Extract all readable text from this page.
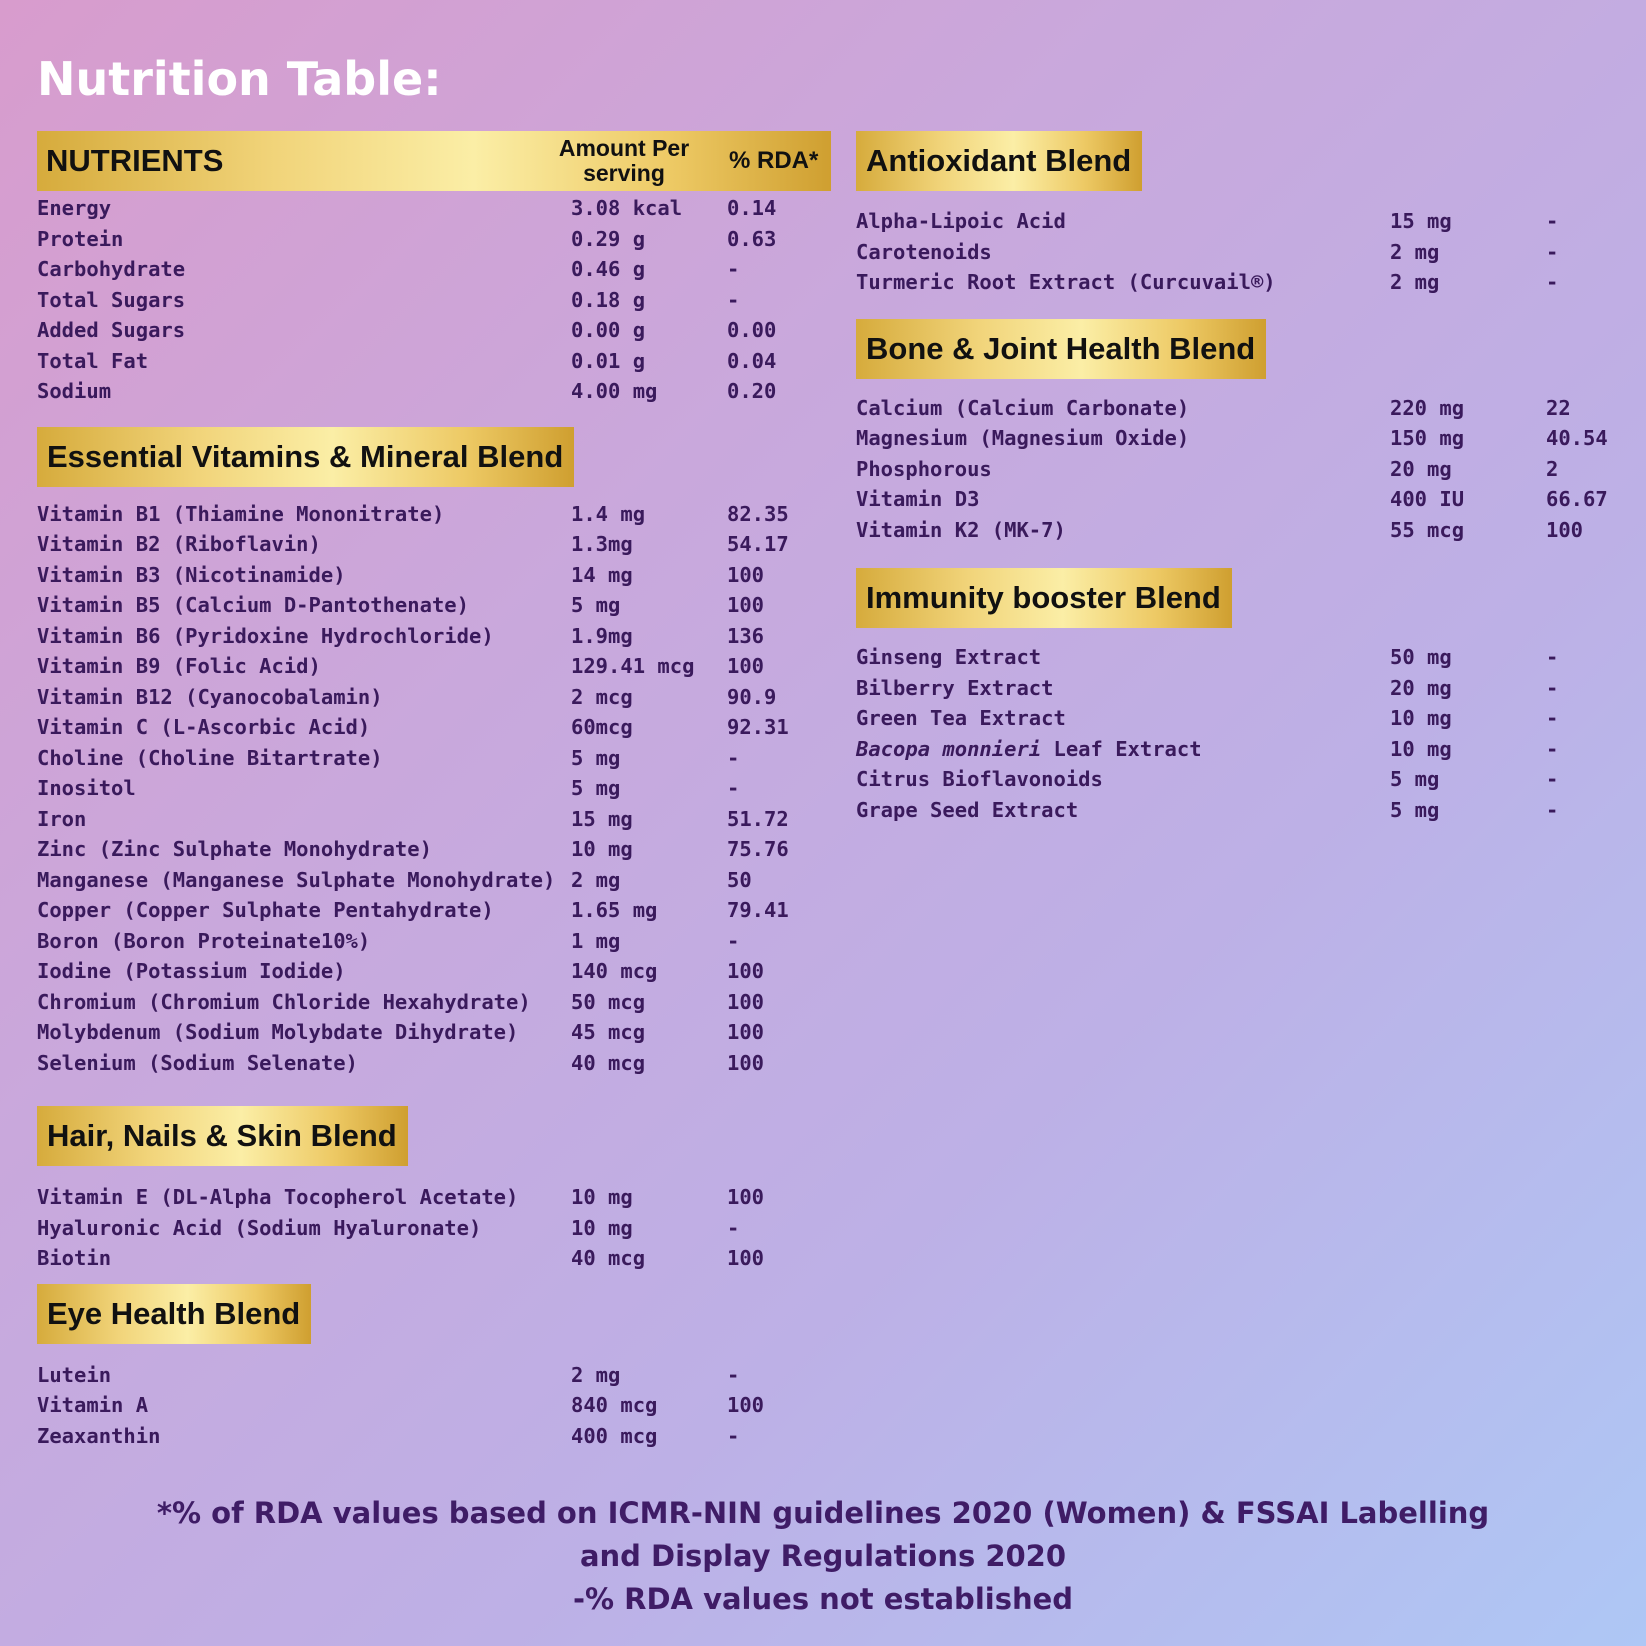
Nutrition Table:
NUTRIENTS	Amount Per
serving	% RDA*
Energy	3.08 kcal 0.14
Protein	0.29 g	0.63
Carbohydrate	0.46 g	-
Total Sugars	0.18 g	-
Added Sugars	0.00 g	0.00
Total Fat	0.01 g	0.04
Sodium	4.00 mg	0.20
Essential Vitamins & Mineral Blend
Vitamin B1 (Thiamine Mononitrate)	1.4 mg	82.35
Vitamin B2 (Riboflavin)	1.3mg	54.17
Vitamin B3 (Nicotinamide)	14 mg	100
Vitamin B5 (Calcium D-Pantothenate)	5 mg	100
Vitamin B6 (Pyridoxine Hydrochloride)	1.9mg	136
Vitamin B9 (Folic Acid)	129.41 mcg 100
Vitamin B12 (Cyanocobalamin)	2 mcg	90.9
Vitamin C (L-Ascorbic Acid)	60mcg	92.31
Choline (Choline Bitartrate)	5 mg	-
Inositol	5 mg	-
Iron	15 mg	51.72
Zinc (Zinc Sulphate Monohydrate)	10 mg	75.76
Manganese (Manganese Sulphate Monohydrate) 2 mg	50
Copper (Copper Sulphate Pentahydrate)	1.65 mg	79.41
Boron (Boron Proteinate10%)	1 mg	-
Iodine (Potassium Iodide)	140 mcg	100
Chromium (Chromium Chloride Hexahydrate) 50 mcg	100
Molybdenum (Sodium Molybdate Dihydrate)	45 mcg	100
Selenium (Sodium Selenate)	40 mcg	100
Hair, Nails & Skin Blend
Vitamin E (DL-Alpha Tocopherol Acetate)	10 mg	100
Hyaluronic Acid (Sodium Hyaluronate)	10 mg	-
Biotin	40 mcg	100
Eye Health Blend
Lutein	2 mg	-
Vitamin A	840 mcg	100
Zeaxanthin	400 mcg	-
Antioxidant Blend
Alpha-Lipoic Acid	15 mg	-
Carotenoids	2 mg	-
Turmeric Root Extract (Curcuvail®)	2 mg	-
Bone & Joint Health Blend
Calcium (Calcium Carbonate)	220 mg	22
Magnesium (Magnesium Oxide)	150 mg	40.54
Phosphorous	20 mg	2
Vitamin D3	400 IU	66.67
Vitamin K2 (MK-7)	55 mcg	100
Immunity booster Blend
Ginseng Extract	50 mg	-
Bilberry Extract	20 mg	-
Green Tea Extract	10 mg	-
Bacopa monnieri Leaf Extract	10 mg	-
Citrus Bioflavonoids	5 mg	-
Grape Seed Extract	5 mg	-
*% of RDA values based on ICMR-NIN guidelines 2020 (Women) & FSSAI Labelling
and Display Regulations 2020
-% RDA values not established
